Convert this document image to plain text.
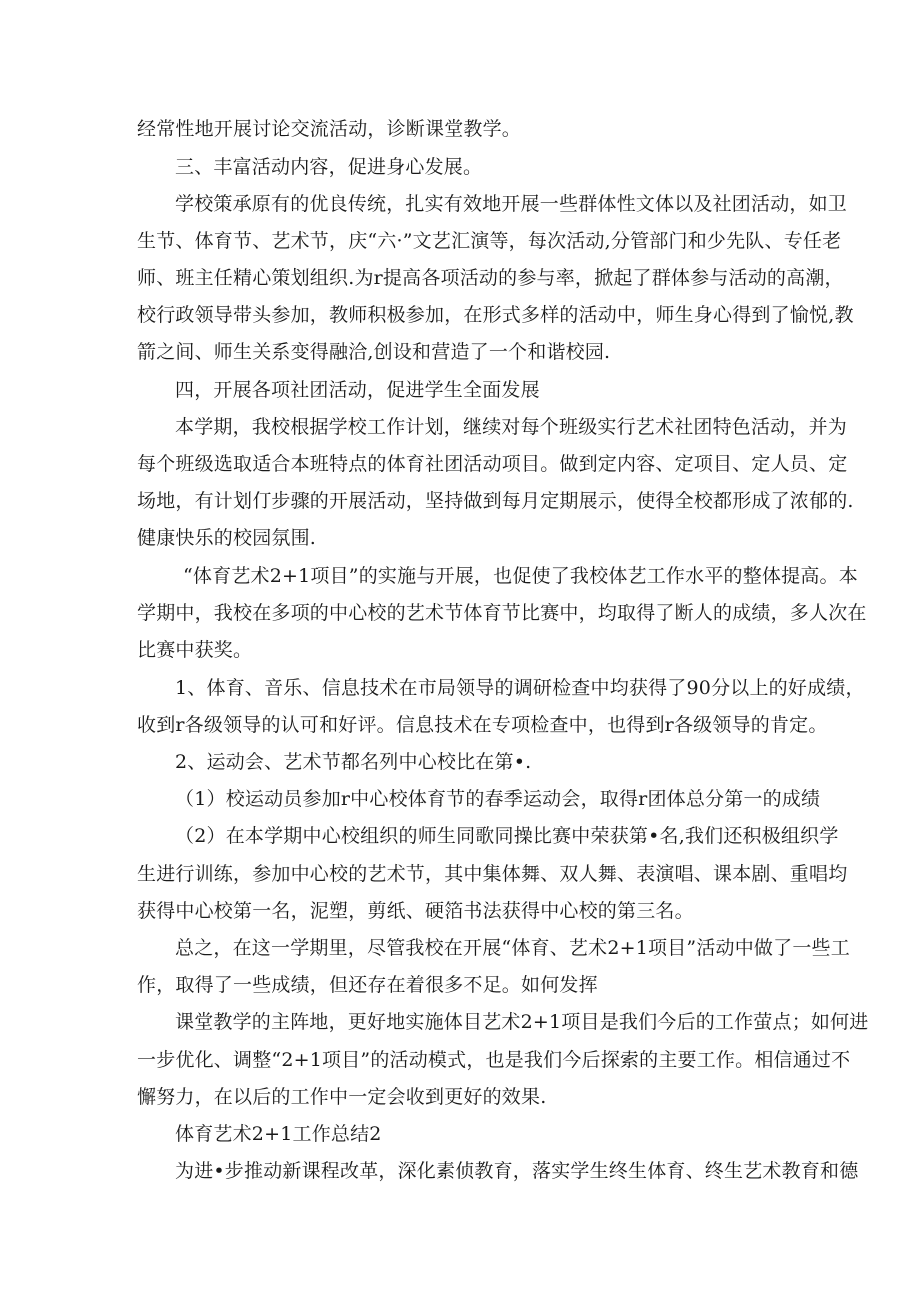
经常性地开展讨论交流活动，诊断课堂教学。
三、丰富活动内容，促进身心发展。
学校策承原有的优良传统，扎实有效地开展一些群体性文体以及社团活动，如卫
生节、体育节、艺术节，庆“六·”文艺汇演等，每次活动,分管部门和少先队、专任老
师、班主任精心策划组织.为r提高各项活动的参与率，掀起了群体参与活动的高潮，
校行政领导带头参加，教师积极参加，在形式多样的活动中，师生身心得到了愉悦,教
箭之间、师生关系变得融洽,创设和营造了一个和谐校园.
四，开展各项社团活动，促进学生全面发展
本学期，我校根据学校工作计划，继续对每个班级实行艺术社团特色活动，并为
每个班级选取适合本班特点的体育社团活动项目。做到定内容、定项目、定人员、定
场地，有计划仃步骤的开展活动，坚持做到每月定期展示，使得全校都形成了浓郁的.
健康快乐的校园氛围.
“体育艺术2+1项目”的实施与开展，也促使了我校体艺工作水平的整体提高。本
学期中，我校在多项的中心校的艺术节体育节比赛中，均取得了断人的成绩，多人次在
比赛中获奖。
1、体育、音乐、信息技术在市局领导的调研检查中均获得了90分以上的好成绩，
收到r各级领导的认可和好评。信息技术在专项检查中，也得到r各级领导的肯定。
2、运动会、艺术节都名列中心校比在第•.
（1）校运动员参加r中心校体育节的春季运动会，取得r团体总分第一的成绩
（2）在本学期中心校组织的师生同歌同操比赛中荣获第•名,我们还积极组织学
生进行训练，参加中心校的艺术节，其中集体舞、双人舞、表演唱、课本剧、重唱均
获得中心校第一名，泥塑，剪纸、硬箔书法获得中心校的第三名。
总之，在这一学期里，尽管我校在开展“体育、艺术2+1项目”活动中做了一些工
作，取得了一些成绩，但还存在着很多不足。如何发挥
课堂教学的主阵地，更好地实施体目艺术2+1项目是我们今后的工作萤点；如何进
一步优化、调整“2+1项目”的活动模式，也是我们今后探索的主要工作。相信通过不
懈努力，在以后的工作中一定会收到更好的效果.
体育艺术2+1工作总结2
为进•步推动新课程改革，深化素侦教育，落实学生终生体育、终生艺术教育和德
